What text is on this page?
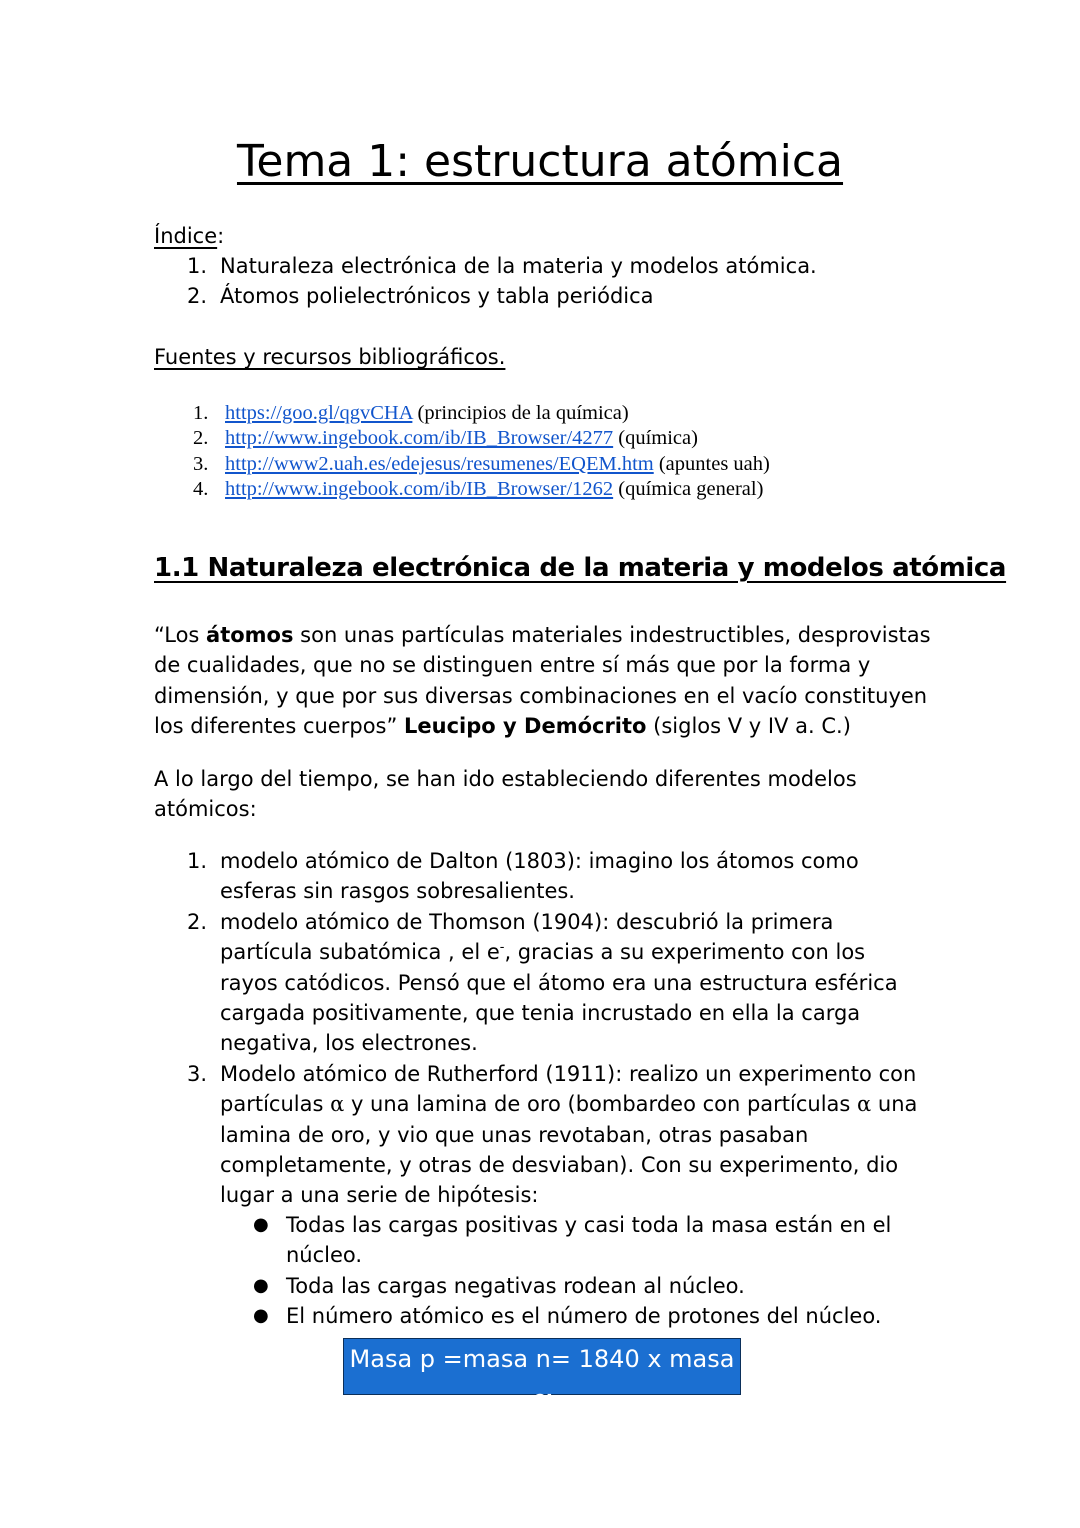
Tema 1: estructura atómica
Índice:
1. Naturaleza electrónica de la materia y modelos atómica.
2. Átomos polielectrónicos y tabla periódica
Fuentes y recursos bibliográficos.
1. https://goo.gl/qgvCHA (principios de la química)
2. http://www.ingebook.com/ib/IB_Browser/4277 (química)
3. http://www2.uah.es/edejesus/resumenes/EQEM.htm (apuntes uah)
4. http://www.ingebook.com/ib/IB_Browser/1262 (química general)
1.1 Naturaleza electrónica de la materia y modelos atómica

“Los átomos son unas partículas materiales indestructibles, desprovistas de cualidades, que no se distinguen entre sí más que por la forma y dimensión, y que por sus diversas combinaciones en el vacío constituyen los diferentes cuerpos” Leucipo y Demócrito (siglos V y IV a. C.)

A lo largo del tiempo, se han ido estableciendo diferentes modelos atómicos:

1. modelo atómico de Dalton (1803): imagino los átomos como esferas sin rasgos sobresalientes.
2. modelo atómico de Thomson (1904): descubrió la primera partícula subatómica , el e-, gracias a su experimento con los rayos catódicos. Pensó que el átomo era una estructura esférica cargada positivamente, que tenia incrustado en ella la carga negativa, los electrones.
3. Modelo atómico de Rutherford (1911): realizo un experimento con partículas α y una lamina de oro (bombardeo con partículas α una lamina de oro, y vio que unas revotaban, otras pasaban completamente, y otras de desviaban). Con su experimento, dio lugar a una serie de hipótesis:
● Todas las cargas positivas y casi toda la masa están en el núcleo.
● Toda las cargas negativas rodean al núcleo.
● El número atómico es el número de protones del núcleo.
Masa p =masa n= 1840 x masa e-
